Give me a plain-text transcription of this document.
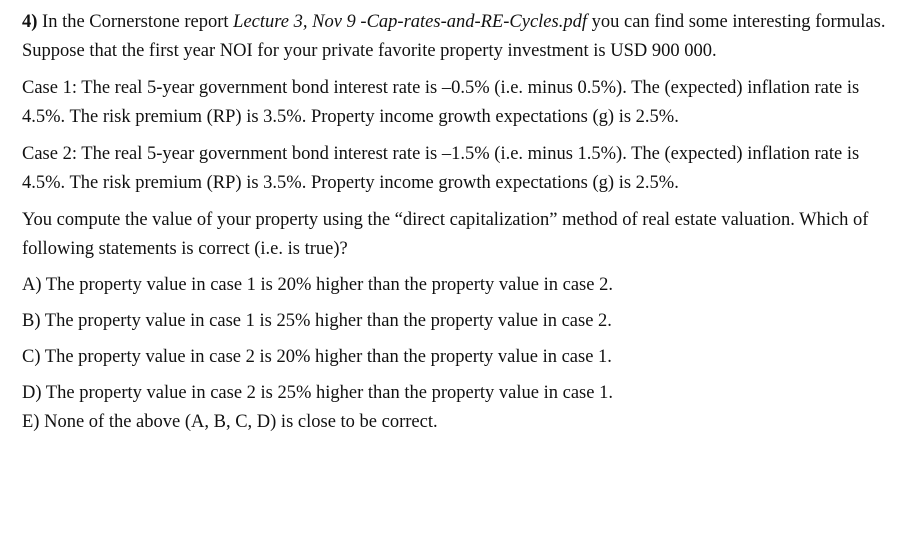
4) In the Cornerstone report Lecture 3, Nov 9 -Cap-rates-and-RE-Cycles.pdf you can find some interesting formulas. Suppose that the first year NOI for your private favorite property investment is USD 900 000.

Case 1: The real 5-year government bond interest rate is –0.5% (i.e. minus 0.5%). The (expected) inflation rate is 4.5%. The risk premium (RP) is 3.5%. Property income growth expectations (g) is 2.5%.

Case 2: The real 5-year government bond interest rate is –1.5% (i.e. minus 1.5%). The (expected) inflation rate is 4.5%. The risk premium (RP) is 3.5%. Property income growth expectations (g) is 2.5%.

You compute the value of your property using the “direct capitalization” method of real estate valuation. Which of following statements is correct (i.e. is true)?

A) The property value in case 1 is 20% higher than the property value in case 2.

B) The property value in case 1 is 25% higher than the property value in case 2.

C) The property value in case 2 is 20% higher than the property value in case 1.

D) The property value in case 2 is 25% higher than the property value in case 1.

E) None of the above (A, B, C, D) is close to be correct.
